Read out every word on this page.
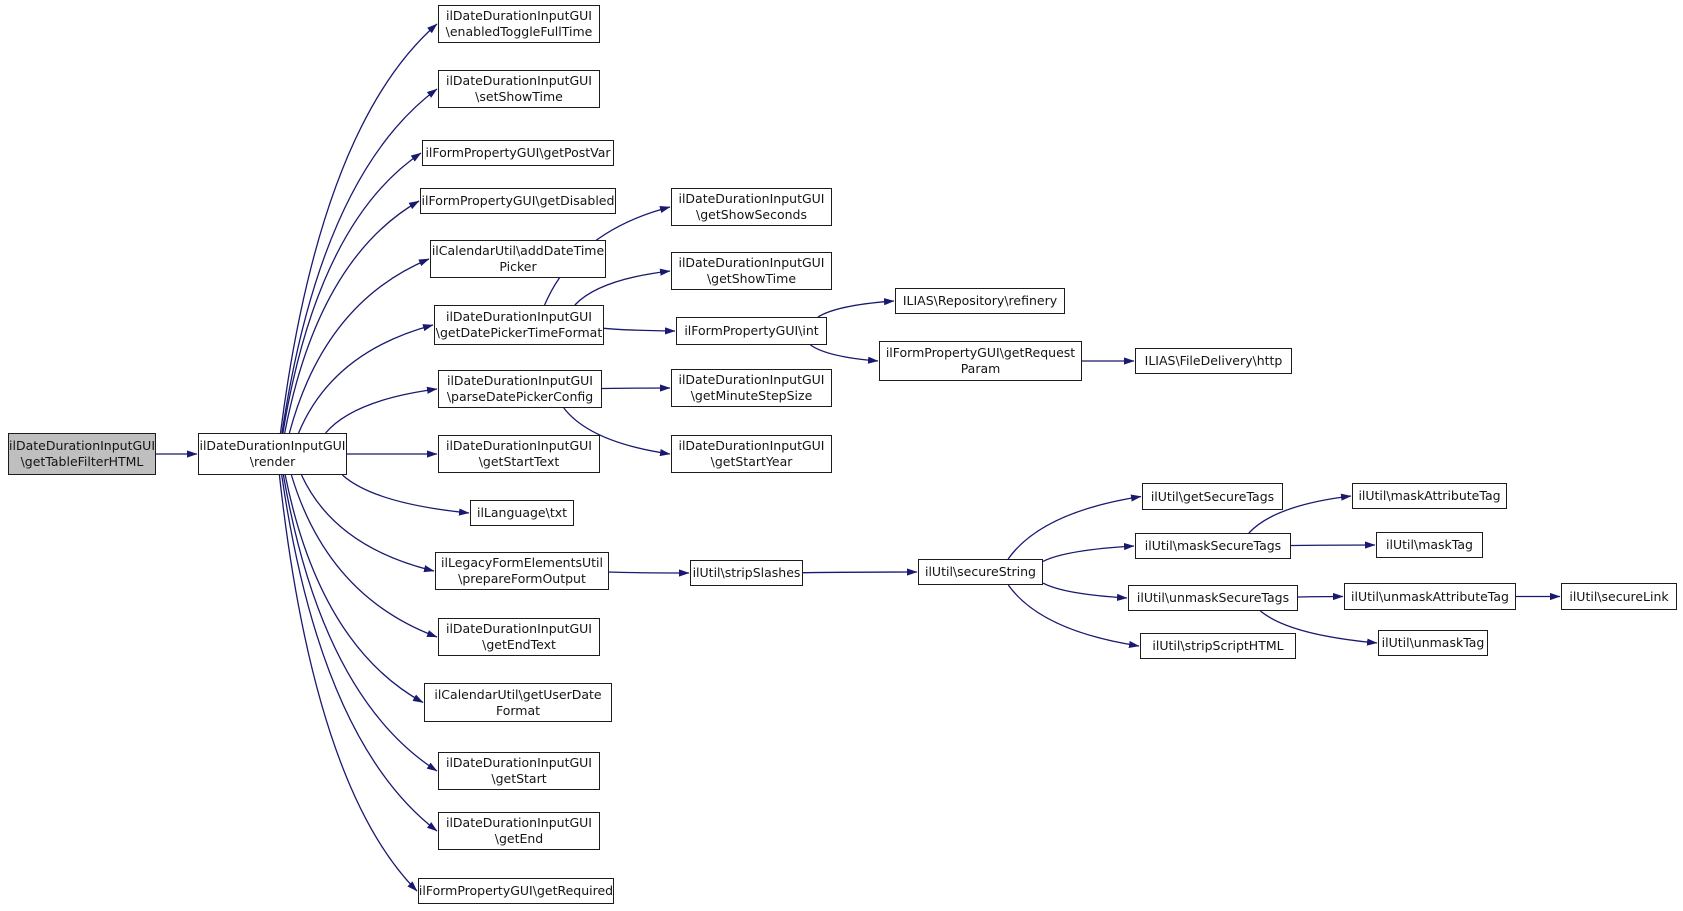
ilDateDurationInputGUI
\getTableFilterHTML
ilDateDurationInputGUI
\render
ilDateDurationInputGUI
\enabledToggleFullTime
ilDateDurationInputGUI
\setShowTime
ilFormPropertyGUI\getPostVar
ilFormPropertyGUI\getDisabled
ilCalendarUtil\addDateTime
Picker
ilDateDurationInputGUI
\getDatePickerTimeFormat
ilDateDurationInputGUI
\parseDatePickerConfig
ilDateDurationInputGUI
\getStartText
ilLanguage\txt
ilLegacyFormElementsUtil
\prepareFormOutput
ilDateDurationInputGUI
\getEndText
ilCalendarUtil\getUserDate
Format
ilDateDurationInputGUI
\getStart
ilDateDurationInputGUI
\getEnd
ilFormPropertyGUI\getRequired
ilDateDurationInputGUI
\getShowSeconds
ilDateDurationInputGUI
\getShowTime
ilFormPropertyGUI\int
ilDateDurationInputGUI
\getMinuteStepSize
ilDateDurationInputGUI
\getStartYear
ILIAS\Repository\refinery
ilFormPropertyGUI\getRequest
Param
ILIAS\FileDelivery\http
ilUtil\stripSlashes	ilUtil\secureString
ilUtil\getSecureTags
ilUtil\maskSecureTags
ilUtil\unmaskSecureTags
ilUtil\stripScriptHTML
ilUtil\maskAttributeTag
ilUtil\maskTag
ilUtil\unmaskAttributeTag
ilUtil\unmaskTag
ilUtil\secureLink
